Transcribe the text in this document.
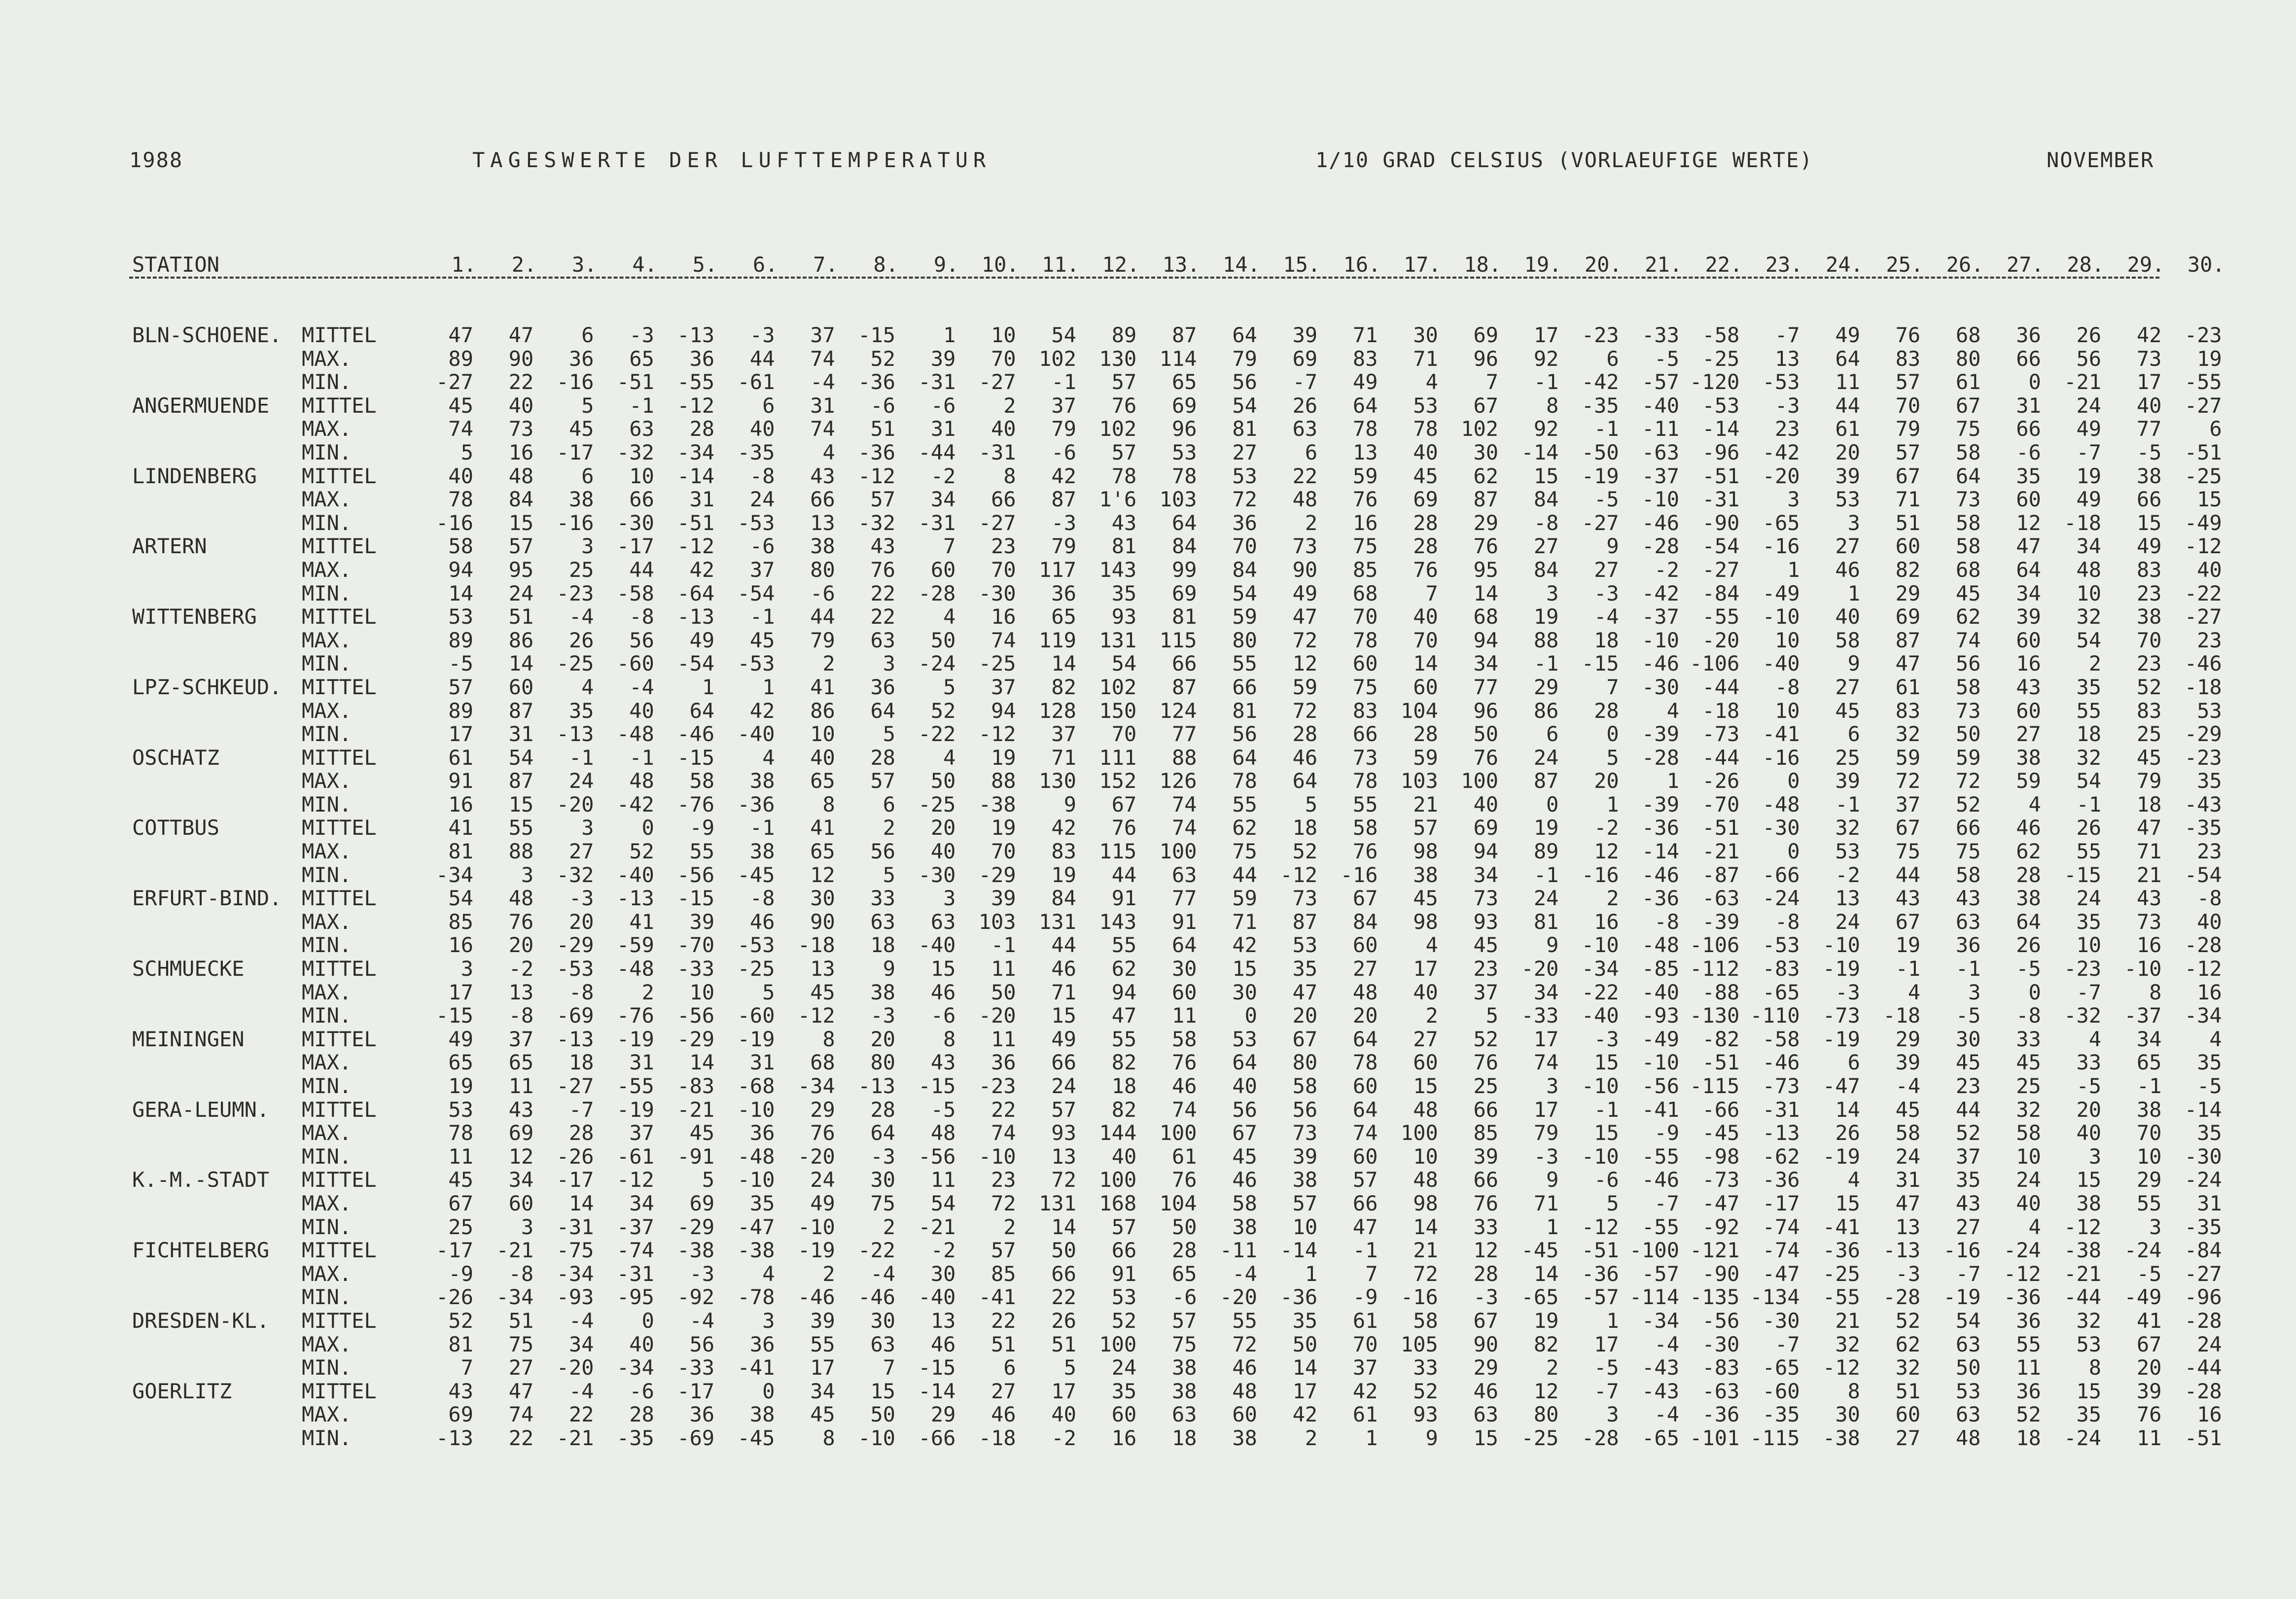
1988	TAGESWERTE DER LUFTTEMPERATUR	1/10 GRAD CELSIUS (VORLAEUFIGE WERTE)	NOVEMBER
STATION	1.	2.	3.	4.	5.	6.	7.	8.	9.	10.	11.	12.	13.	14.	15.	16.	17.	18.	19.	20.	21.	22.	23.	24.	25.	26.	27.	28.	29.	30.
BLN-SCHOENE. MITTEL	47	47	6	-3	-13	-3	37	-15	1	10	54	89	87	64	39	71	30	69	17	-23	-33	-58	-7	49	76	68	36	26	42	-23
MAX.	89	90	36	65	36	44	74	52	39	70	102	130	114	79	69	83	71	96	92	6	-5	-25	13	64	83	80	66	56	73	19
MIN.	-27	22	-16	-51	-55	-61	-4	-36	-31	-27	-1	57	65	56	-7	49	4	7	-1	-42	-57 -120	-53	11	57	61	0	-21	17	-55
ANGERMUENDE MITTEL	45	40	5	-1	-12	6	31	-6	-6	2	37	76	69	54	26	64	53	67	8	-35	-40	-53	-3	44	70	67	31	24	40	-27
MAX.	74	73	45	63	28	40	74	51	31	40	79	102	96	81	63	78	78	102	92	-1	-11	-14	23	61	79	75	66	49	77	6
MIN.	5	16	-17	-32	-34	-35	4	-36	-44	-31	-6	57	53	27	6	13	40	30	-14	-50	-63	-96	-42	20	57	58	-6	-7	-5	-51
LINDENBERG MITTEL	40	48	6	10	-14	-8	43	-12	-2	8	42	78	78	53	22	59	45	62	15	-19	-37	-51	-20	39	67	64	35	19	38	-25
MAX.	78	84	38	66	31	24	66	57	34	66	87	1'6	103	72	48	76	69	87	84	-5	-10	-31	3	53	71	73	60	49	66	15
MIN.	-16	15	-16	-30	-51	-53	13	-32	-31	-27	-3	43	64	36	2	16	28	29	-8	-27	-46	-90	-65	3	51	58	12	-18	15	-49
ARTERN	MITTEL	58	57	3	-17	-12	-6	38	43	7	23	79	81	84	70	73	75	28	76	27	9	-28	-54	-16	27	60	58	47	34	49	-12
MAX.	94	95	25	44	42	37	80	76	60	70	117	143	99	84	90	85	76	95	84	27	-2	-27	1	46	82	68	64	48	83	40
MIN.	14	24	-23	-58	-64	-54	-6	22	-28	-30	36	35	69	54	49	68	7	14	3	-3	-42	-84	-49	1	29	45	34	10	23	-22
WITTENBERG MITTEL	53	51	-4	-8	-13	-1	44	22	4	16	65	93	81	59	47	70	40	68	19	-4	-37	-55	-10	40	69	62	39	32	38	-27
MAX.	89	86	26	56	49	45	79	63	50	74	119	131	115	80	72	78	70	94	88	18	-10	-20	10	58	87	74	60	54	70	23
MIN.	-5	14	-25	-60	-54	-53	2	3	-24	-25	14	54	66	55	12	60	14	34	-1	-15	-46 -106	-40	9	47	56	16	2	23	-46
LPZ-SCHKEUD. MITTEL	57	60	4	-4	1	1	41	36	5	37	82	102	87	66	59	75	60	77	29	7	-30	-44	-8	27	61	58	43	35	52	-18
MAX.	89	87	35	40	64	42	86	64	52	94	128	150	124	81	72	83	104	96	86	28	4	-18	10	45	83	73	60	55	83	53
MIN.	17	31	-13	-48	-46	-40	10	5	-22	-12	37	70	77	56	28	66	28	50	6	0	-39	-73	-41	6	32	50	27	18	25	-29
OSCHATZ	MITTEL	61	54	-1	-1	-15	4	40	28	4	19	71	111	88	64	46	73	59	76	24	5	-28	-44	-16	25	59	59	38	32	45	-23
MAX.	91	87	24	48	58	38	65	57	50	88	130	152	126	78	64	78	103	100	87	20	1	-26	0	39	72	72	59	54	79	35
MIN.	16	15	-20	-42	-76	-36	8	6	-25	-38	9	67	74	55	5	55	21	40	0	1	-39	-70	-48	-1	37	52	4	-1	18	-43
COTTBUS	MITTEL	41	55	3	0	-9	-1	41	2	20	19	42	76	74	62	18	58	57	69	19	-2	-36	-51	-30	32	67	66	46	26	47	-35
MAX.	81	88	27	52	55	38	65	56	40	70	83	115	100	75	52	76	98	94	89	12	-14	-21	0	53	75	75	62	55	71	23
MIN.	-34	3	-32	-40	-56	-45	12	5	-30	-29	19	44	63	44	-12	-16	38	34	-1	-16	-46	-87	-66	-2	44	58	28	-15	21	-54
ERFURT-BIND. MITTEL	54	48	-3	-13	-15	-8	30	33	3	39	84	91	77	59	73	67	45	73	24	2	-36	-63	-24	13	43	43	38	24	43	-8
MAX.	85	76	20	41	39	46	90	63	63	103	131	143	91	71	87	84	98	93	81	16	-8	-39	-8	24	67	63	64	35	73	40
MIN.	16	20	-29	-59	-70	-53	-18	18	-40	-1	44	55	64	42	53	60	4	45	9	-10	-48 -106	-53	-10	19	36	26	10	16	-28
SCHMUECKE	MITTEL	3	-2	-53	-48	-33	-25	13	9	15	11	46	62	30	15	35	27	17	23	-20	-34	-85 -112	-83	-19	-1	-1	-5	-23	-10	-12
MAX.	17	13	-8	2	10	5	45	38	46	50	71	94	60	30	47	48	40	37	34	-22	-40	-88	-65	-3	4	3	0	-7	8	16
MIN.	-15	-8	-69	-76	-56	-60	-12	-3	-6	-20	15	47	11	0	20	20	2	5	-33	-40	-93 -130 -110	-73	-18	-5	-8	-32	-37	-34
MEININGEN	MITTEL	49	37	-13	-19	-29	-19	8	20	8	11	49	55	58	53	67	64	27	52	17	-3	-49	-82	-58	-19	29	30	33	4	34	4
MAX.	65	65	18	31	14	31	68	80	43	36	66	82	76	64	80	78	60	76	74	15	-10	-51	-46	6	39	45	45	33	65	35
MIN.	19	11	-27	-55	-83	-68	-34	-13	-15	-23	24	18	46	40	58	60	15	25	3	-10	-56 -115	-73	-47	-4	23	25	-5	-1	-5
GERA-LEUMN. MITTEL	53	43	-7	-19	-21	-10	29	28	-5	22	57	82	74	56	56	64	48	66	17	-1	-41	-66	-31	14	45	44	32	20	38	-14
MAX.	78	69	28	37	45	36	76	64	48	74	93	144	100	67	73	74	100	85	79	15	-9	-45	-13	26	58	52	58	40	70	35
MIN.	11	12	-26	-61	-91	-48	-20	-3	-56	-10	13	40	61	45	39	60	10	39	-3	-10	-55	-98	-62	-19	24	37	10	3	10	-30
K.-M.-STADT MITTEL	45	34	-17	-12	5	-10	24	30	11	23	72	100	76	46	38	57	48	66	9	-6	-46	-73	-36	4	31	35	24	15	29	-24
MAX.	67	60	14	34	69	35	49	75	54	72	131	168	104	58	57	66	98	76	71	5	-7	-47	-17	15	47	43	40	38	55	31
MIN.	25	3	-31	-37	-29	-47	-10	2	-21	2	14	57	50	38	10	47	14	33	1	-12	-55	-92	-74	-41	13	27	4	-12	3	-35
FICHTELBERG MITTEL	-17	-21	-75	-74	-38	-38	-19	-22	-2	57	50	66	28	-11	-14	-1	21	12	-45	-51 -100 -121	-74	-36	-13	-16	-24	-38	-24	-84
MAX.	-9	-8	-34	-31	-3	4	2	-4	30	85	66	91	65	-4	1	7	72	28	14	-36	-57	-90	-47	-25	-3	-7	-12	-21	-5	-27
MIN.	-26	-34	-93	-95	-92	-78	-46	-46	-40	-41	22	53	-6	-20	-36	-9	-16	-3	-65	-57 -114 -135 -134	-55	-28	-19	-36	-44	-49	-96
DRESDEN-KL. MITTEL	52	51	-4	0	-4	3	39	30	13	22	26	52	57	55	35	61	58	67	19	1	-34	-56	-30	21	52	54	36	32	41	-28
MAX.	81	75	34	40	56	36	55	63	46	51	51	100	75	72	50	70	105	90	82	17	-4	-30	-7	32	62	63	55	53	67	24
MIN.	7	27	-20	-34	-33	-41	17	7	-15	6	5	24	38	46	14	37	33	29	2	-5	-43	-83	-65	-12	32	50	11	8	20	-44
GOERLITZ	MITTEL	43	47	-4	-6	-17	0	34	15	-14	27	17	35	38	48	17	42	52	46	12	-7	-43	-63	-60	8	51	53	36	15	39	-28
MAX.	69	74	22	28	36	38	45	50	29	46	40	60	63	60	42	61	93	63	80	3	-4	-36	-35	30	60	63	52	35	76	16
MIN.	-13	22	-21	-35	-69	-45	8	-10	-66	-18	-2	16	18	38	2	1	9	15	-25	-28	-65 -101 -115	-38	27	48	18	-24	11	-51
